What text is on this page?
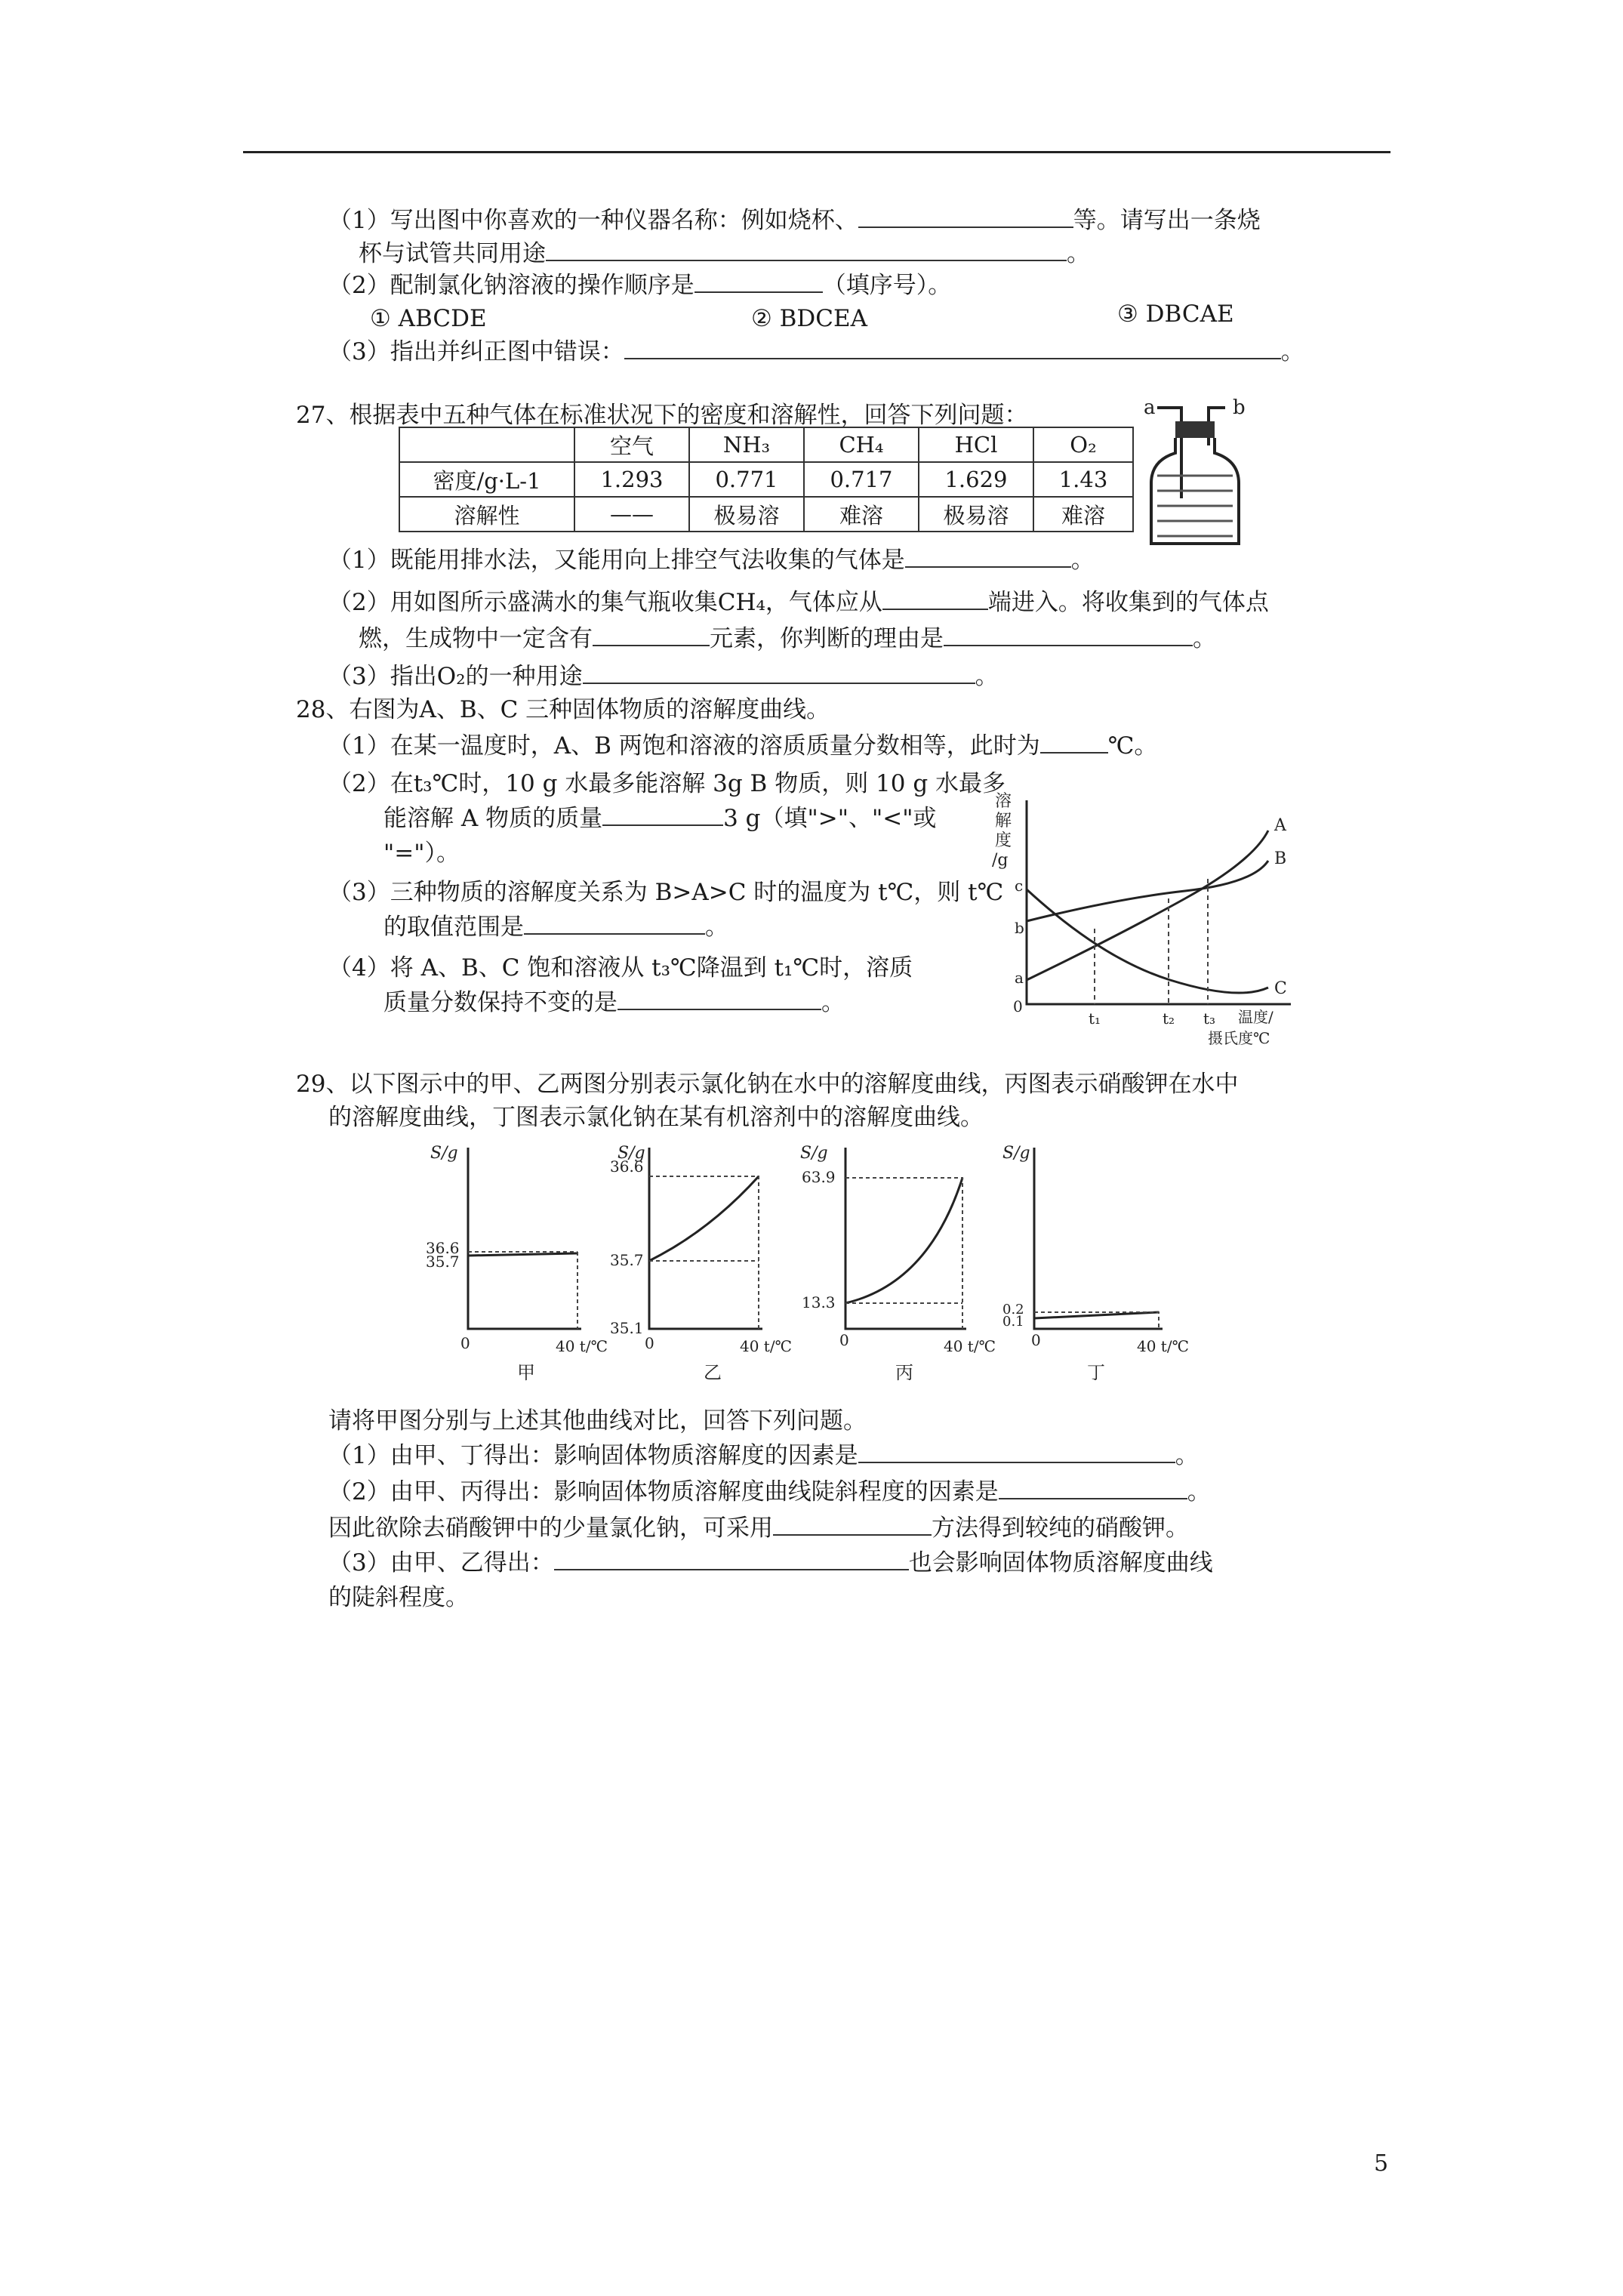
（1）写出图中你喜欢的一种仪器名称：例如烧杯、	等。请写出一条烧
杯与试管共同用途	。
（2）配制氯化钠溶液的操作顺序是	（填序号）。
① ABCDE	② BDCEA	③ DBCAE
（3）指出并纠正图中错误：	。
27、根据表中五种气体在标准状况下的密度和溶解性，回答下列问题：
	空气	NH₃	CH₄	HCl	O₂
密度/g·L-1	1.293	0.771	0.717	1.629	1.43
溶解性	——	极易溶	难溶	极易溶	难溶
a	b
（1）既能用排水法，又能用向上排空气法收集的气体是	。
（2）用如图所示盛满水的集气瓶收集CH₄，气体应从	端进入。将收集到的气体点
燃，生成物中一定含有	元素，你判断的理由是	。
（3）指出O₂的一种用途	。
28、右图为A、B、C 三种固体物质的溶解度曲线。
（1）在某一温度时，A、B 两饱和溶液的溶质质量分数相等，此时为	℃。
（2）在t₃℃时，10 g 水最多能溶解 3g B 物质，则 10 g 水最多
能溶解 A 物质的质量	3 g（填">"、"<"或
"="）。
（3）三种物质的溶解度关系为 B>A>C 时的温度为 t℃，则 t℃
的取值范围是	。
（4）将 A、B、C 饱和溶液从 t₃℃降温到 t₁℃时，溶质
质量分数保持不变的是	。
溶
解
度
/g
c
b
a
0
A
B
C
t₁	t₂ t₃ 温度/
摄氏度℃
29、以下图示中的甲、乙两图分别表示氯化钠在水中的溶解度曲线，丙图表示硝酸钾在水中
的溶解度曲线，丁图表示氯化钠在某有机溶剂中的溶解度曲线。
S/g
36.6
35.7
0	40 t/℃
甲
S/g
36.6
35.7
35.1
0	40 t/℃
乙
S/g
63.9
13.3
0	40 t/℃
丙
S/g
0.2
0.1
0	40 t/℃
丁
请将甲图分别与上述其他曲线对比，回答下列问题。
（1）由甲、丁得出：影响固体物质溶解度的因素是	。
（2）由甲、丙得出：影响固体物质溶解度曲线陡斜程度的因素是	。
因此欲除去硝酸钾中的少量氯化钠，可采用	方法得到较纯的硝酸钾。
（3）由甲、乙得出：	也会影响固体物质溶解度曲线
的陡斜程度。
5
